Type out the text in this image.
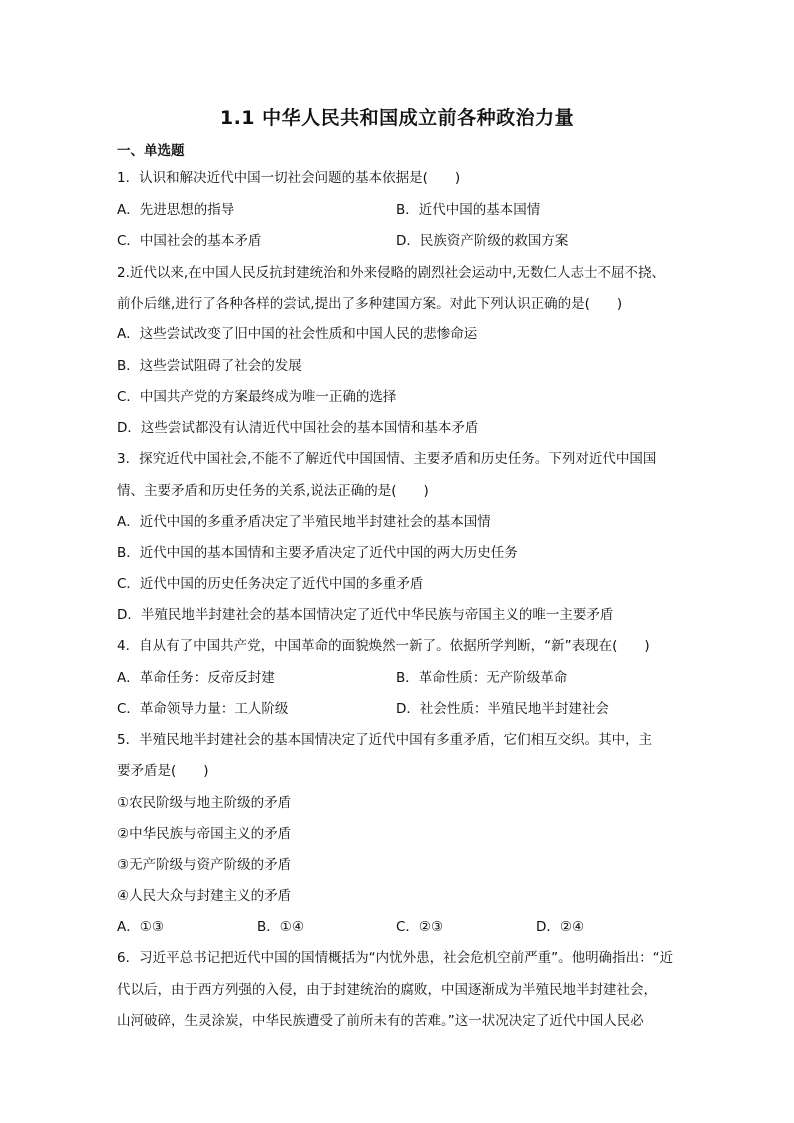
1.1 中华人民共和国成立前各种政治力量
一、单选题
1．认识和解决近代中国一切社会问题的基本依据是(　　)
A．先进思想的指导	B．近代中国的基本国情
C．中国社会的基本矛盾	D．民族资产阶级的救国方案
2.近代以来,在中国人民反抗封建统治和外来侵略的剧烈社会运动中,无数仁人志士不屈不挠、
前仆后继,进行了各种各样的尝试,提出了多种建国方案。对此下列认识正确的是(　　)
A．这些尝试改变了旧中国的社会性质和中国人民的悲惨命运
B．这些尝试阻碍了社会的发展
C．中国共产党的方案最终成为唯一正确的选择
D．这些尝试都没有认清近代中国社会的基本国情和基本矛盾
3．探究近代中国社会,不能不了解近代中国国情、主要矛盾和历史任务。下列对近代中国国
情、主要矛盾和历史任务的关系,说法正确的是(　　)
A．近代中国的多重矛盾决定了半殖民地半封建社会的基本国情
B．近代中国的基本国情和主要矛盾决定了近代中国的两大历史任务
C．近代中国的历史任务决定了近代中国的多重矛盾
D．半殖民地半封建社会的基本国情决定了近代中华民族与帝国主义的唯一主要矛盾
4．自从有了中国共产党，中国革命的面貌焕然一新了。依据所学判断，“新”表现在(　　)
A．革命任务：反帝反封建	B．革命性质：无产阶级革命
C．革命领导力量：工人阶级	D．社会性质：半殖民地半封建社会
5．半殖民地半封建社会的基本国情决定了近代中国有多重矛盾，它们相互交织。其中，主
要矛盾是(　　)
①农民阶级与地主阶级的矛盾
②中华民族与帝国主义的矛盾
③无产阶级与资产阶级的矛盾
④人民大众与封建主义的矛盾
A．①③	B．①④	C．②③	D．②④
6．习近平总书记把近代中国的国情概括为“内忧外患，社会危机空前严重”。他明确指出：“近
代以后，由于西方列强的入侵，由于封建统治的腐败，中国逐渐成为半殖民地半封建社会，
山河破碎，生灵涂炭，中华民族遭受了前所未有的苦难。”这一状况决定了近代中国人民必
